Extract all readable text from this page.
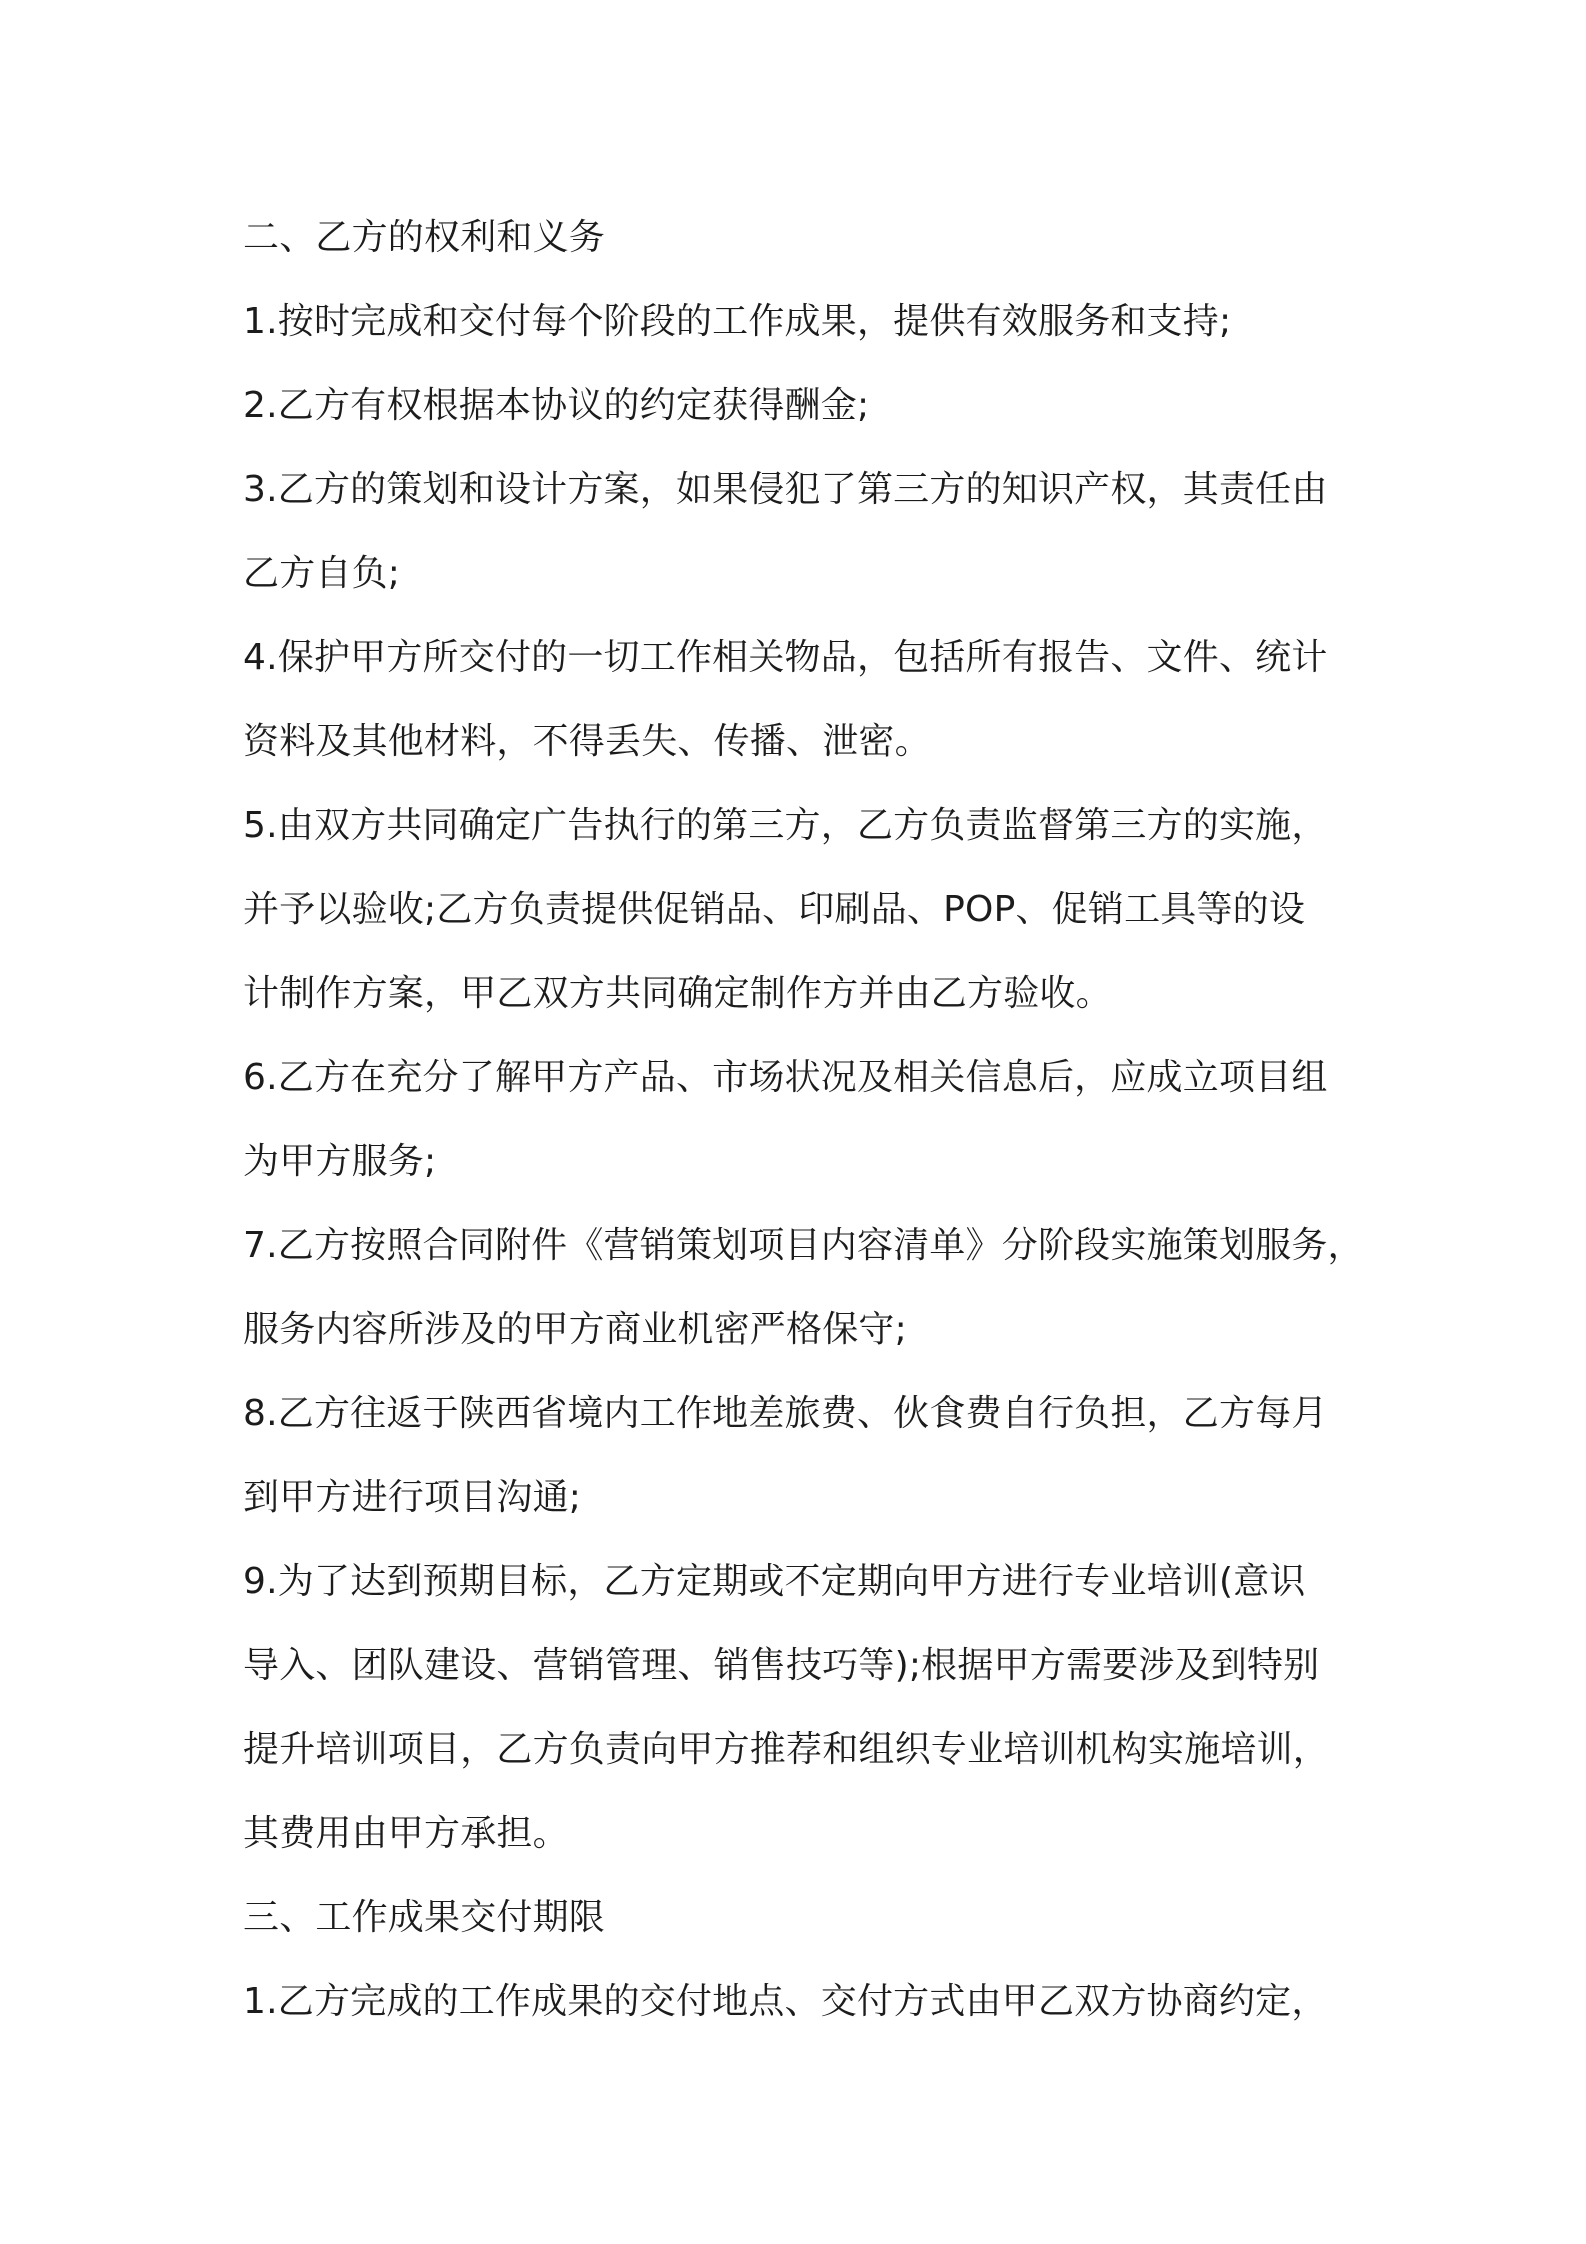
二、乙方的权利和义务
1.按时完成和交付每个阶段的工作成果，提供有效服务和支持;
2.乙方有权根据本协议的约定获得酬金;
3.乙方的策划和设计方案，如果侵犯了第三方的知识产权，其责任由
乙方自负;
4.保护甲方所交付的一切工作相关物品，包括所有报告、文件、统计
资料及其他材料，不得丢失、传播、泄密。
5.由双方共同确定广告执行的第三方，乙方负责监督第三方的实施，
并予以验收;乙方负责提供促销品、印刷品、POP、促销工具等的设
计制作方案，甲乙双方共同确定制作方并由乙方验收。
6.乙方在充分了解甲方产品、市场状况及相关信息后，应成立项目组
为甲方服务;
7.乙方按照合同附件《营销策划项目内容清单》分阶段实施策划服务，
服务内容所涉及的甲方商业机密严格保守;
8.乙方往返于陕西省境内工作地差旅费、伙食费自行负担，乙方每月
到甲方进行项目沟通;
9.为了达到预期目标，乙方定期或不定期向甲方进行专业培训(意识
导入、团队建设、营销管理、销售技巧等);根据甲方需要涉及到特别
提升培训项目，乙方负责向甲方推荐和组织专业培训机构实施培训，
其费用由甲方承担。
三、工作成果交付期限
1.乙方完成的工作成果的交付地点、交付方式由甲乙双方协商约定，
